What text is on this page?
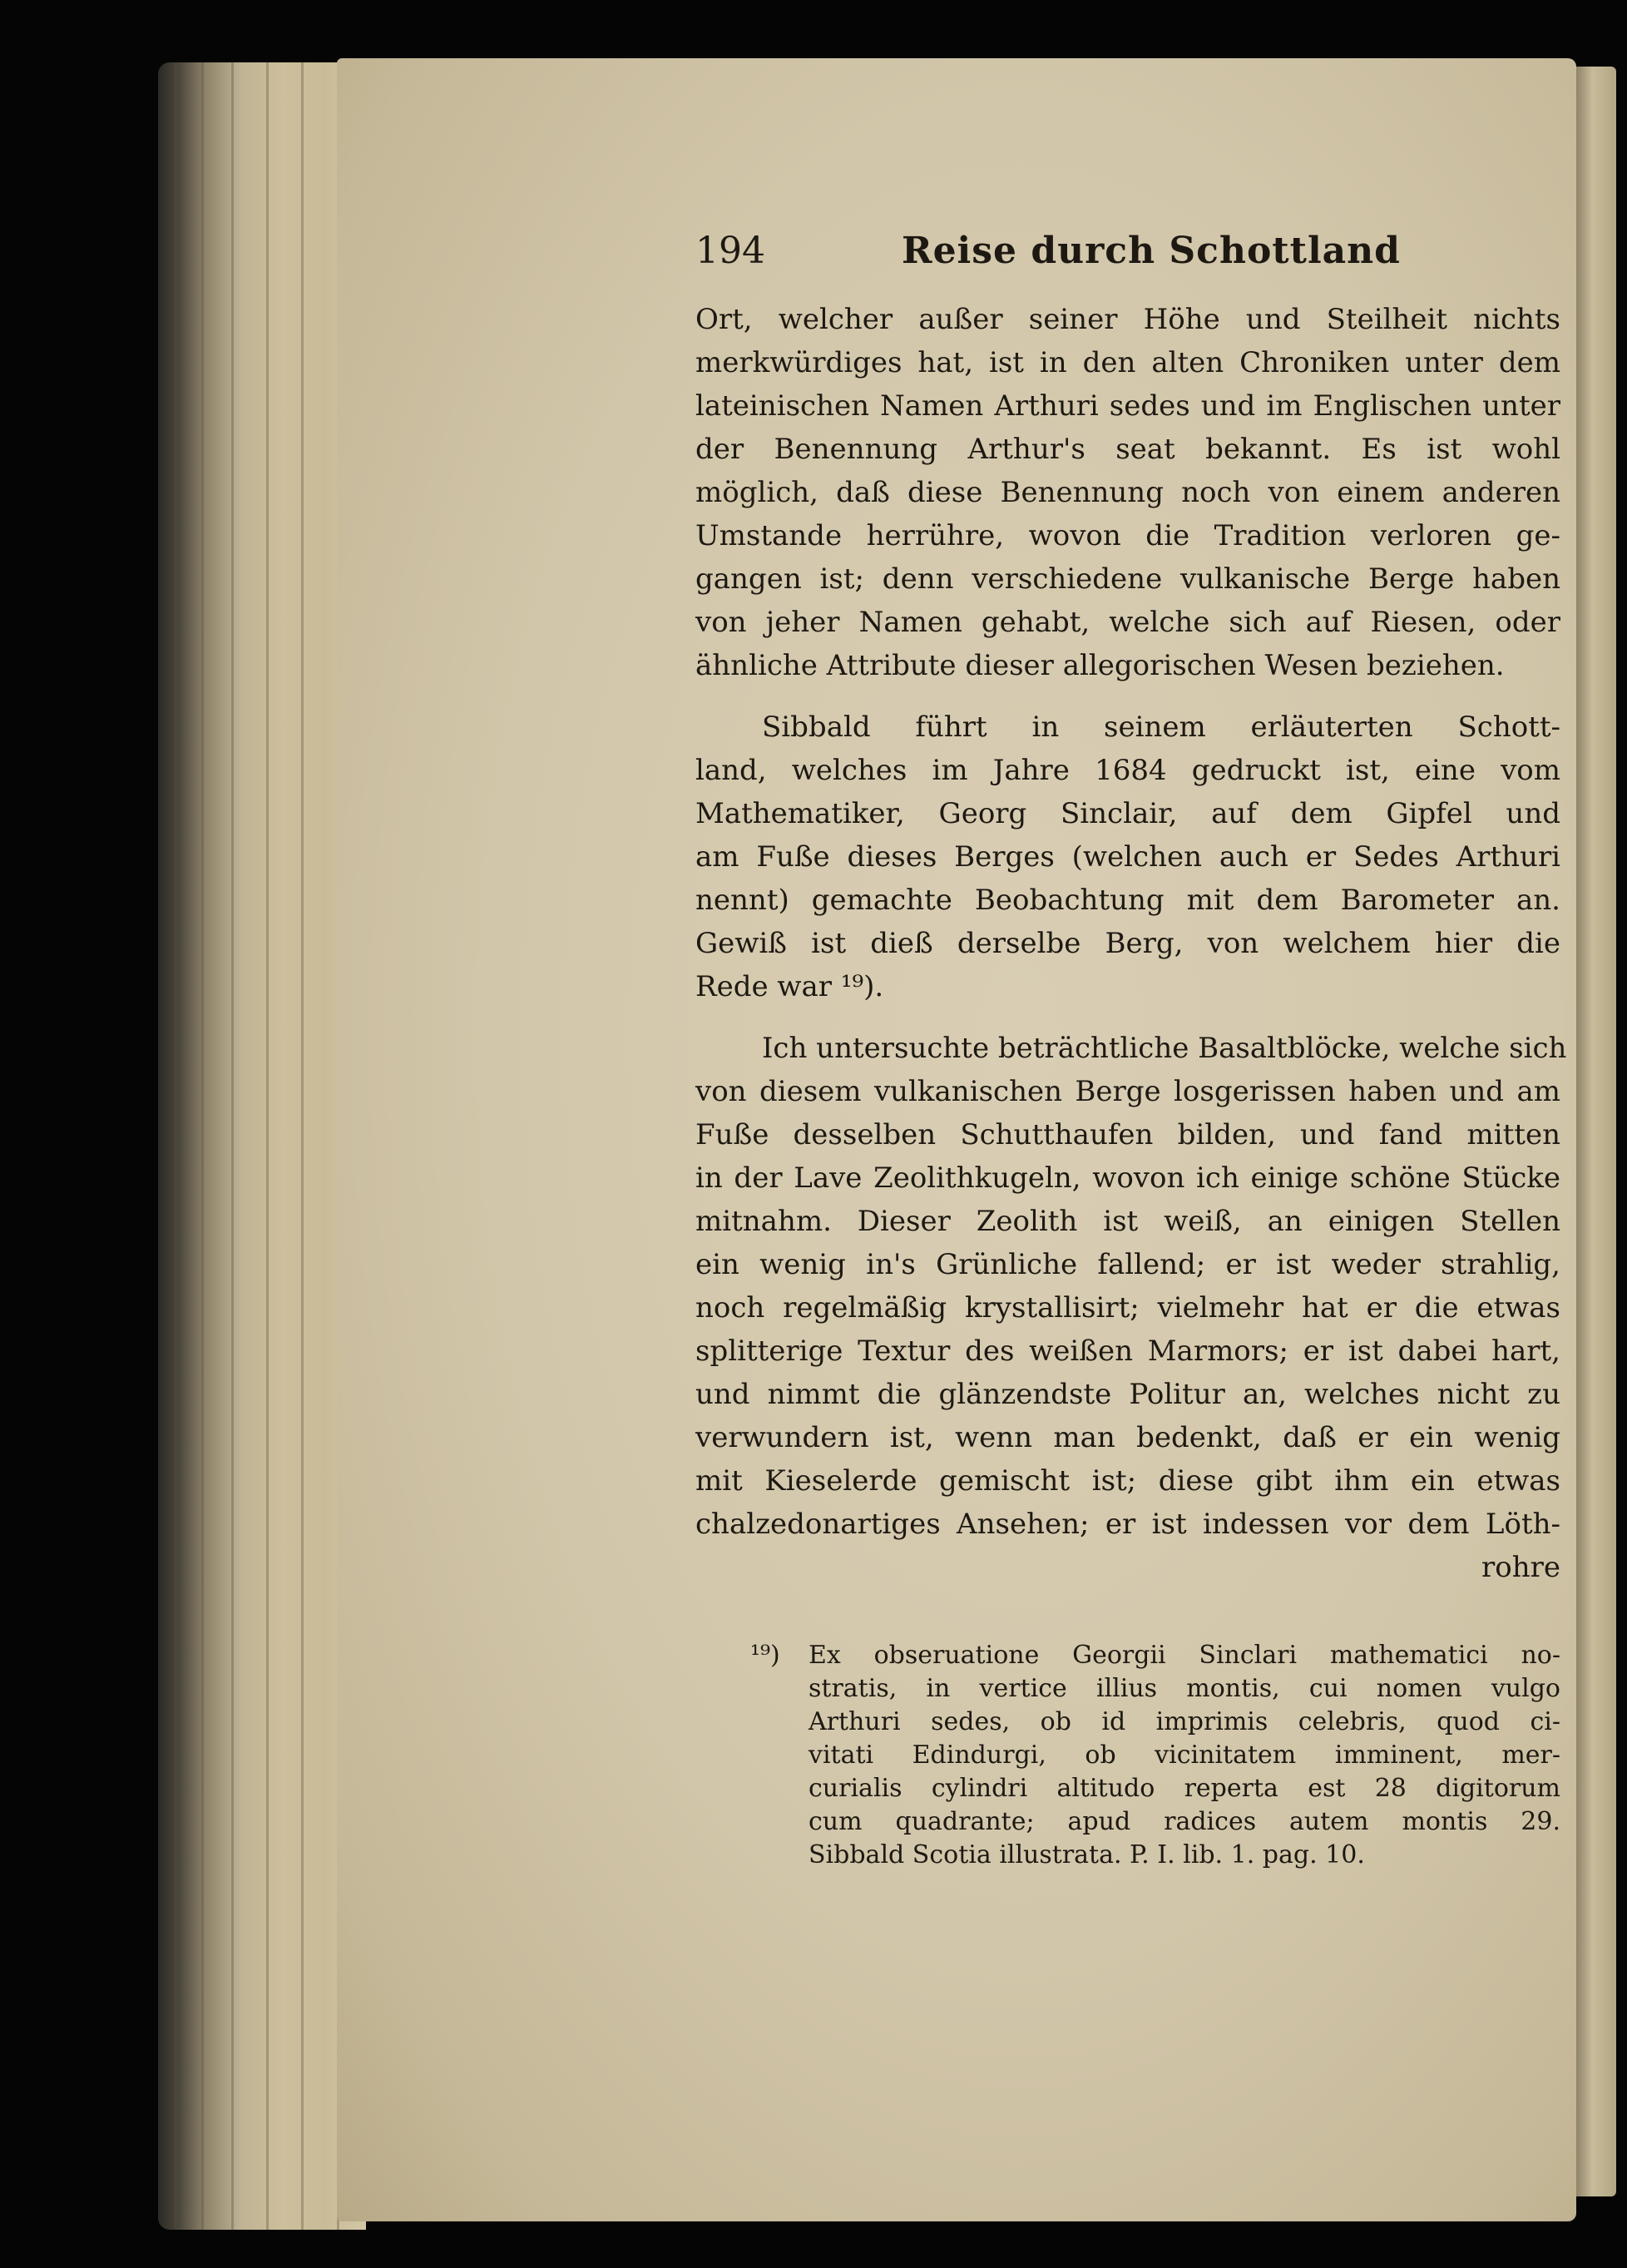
194	Reise durch Schottland

Ort, welcher außer seiner Höhe und Steilheit nichts
merkwürdiges hat, ist in den alten Chroniken unter dem
lateinischen Namen Arthuri sedes und im Englischen unter
der Benennung Arthur's seat bekannt. Es ist wohl
möglich, daß diese Benennung noch von einem anderen
Umstande herrühre, wovon die Tradition verloren ge-
gangen ist; denn verschiedene vulkanische Berge haben
von jeher Namen gehabt, welche sich auf Riesen, oder
ähnliche Attribute dieser allegorischen Wesen beziehen.

Sibbald führt in seinem erläuterten Schott-
land, welches im Jahre 1684 gedruckt ist, eine vom
Mathematiker, Georg Sinclair, auf dem Gipfel und
am Fuße dieses Berges (welchen auch er Sedes Arthuri
nennt) gemachte Beobachtung mit dem Barometer an.
Gewiß ist dieß derselbe Berg, von welchem hier die
Rede war ¹⁹).

Ich untersuchte beträchtliche Basaltblöcke, welche sich
von diesem vulkanischen Berge losgerissen haben und am
Fuße desselben Schutthaufen bilden, und fand mitten
in der Lave Zeolithkugeln, wovon ich einige schöne Stücke
mitnahm. Dieser Zeolith ist weiß, an einigen Stellen
ein wenig in's Grünliche fallend; er ist weder strahlig,
noch regelmäßig krystallisirt; vielmehr hat er die etwas
splitterige Textur des weißen Marmors; er ist dabei hart,
und nimmt die glänzendste Politur an, welches nicht zu
verwundern ist, wenn man bedenkt, daß er ein wenig
mit Kieselerde gemischt ist; diese gibt ihm ein etwas
chalzedonartiges Ansehen; er ist indessen vor dem Löth-

rohre
¹⁹) Ex obseruatione Georgii Sinclari mathematici no-
stratis, in vertice illius montis, cui nomen vulgo
Arthuri sedes, ob id imprimis celebris, quod ci-
vitati Edindurgi, ob vicinitatem imminent, mer-
curialis cylindri altitudo reperta est 28 digitorum
cum quadrante; apud radices autem montis 29.
Sibbald Scotia illustrata. P. I. lib. 1. pag. 10.
